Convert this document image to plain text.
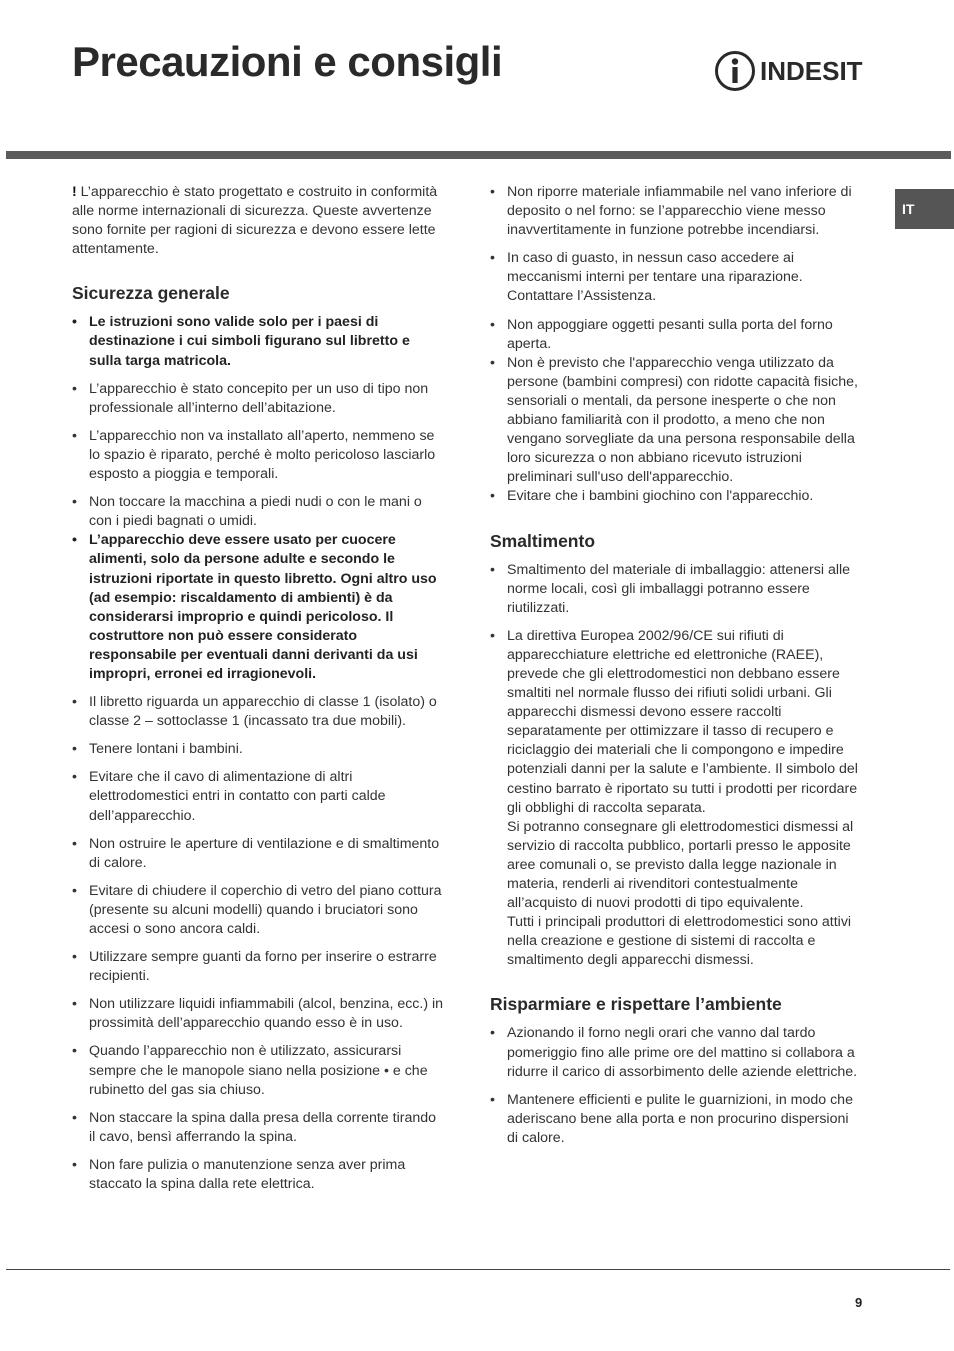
Precauzioni e consigli	INDESIT
IT

! L’apparecchio è stato progettato e costruito in conformità alle norme internazionali di sicurezza. Queste avvertenze sono fornite per ragioni di sicurezza e devono essere lette attentamente.

Sicurezza generale
• Le istruzioni sono valide solo per i paesi di destinazione i cui simboli figurano sul libretto e sulla targa matricola.
• L’apparecchio è stato concepito per un uso di tipo non professionale all’interno dell’abitazione.
• L’apparecchio non va installato all’aperto, nemmeno se lo spazio è riparato, perché è molto pericoloso lasciarlo esposto a pioggia e temporali.
• Non toccare la macchina a piedi nudi o con le mani o con i piedi bagnati o umidi.
• L’apparecchio deve essere usato per cuocere alimenti, solo da persone adulte e secondo le istruzioni riportate in questo libretto. Ogni altro uso (ad esempio: riscaldamento di ambienti) è da considerarsi improprio e quindi pericoloso. Il costruttore non può essere considerato responsabile per eventuali danni derivanti da usi impropri, erronei ed irragionevoli.
• Il libretto riguarda un apparecchio di classe 1 (isolato) o classe 2 – sottoclasse 1 (incassato tra due mobili).
• Tenere lontani i bambini.
• Evitare che il cavo di alimentazione di altri elettrodomestici entri in contatto con parti calde dell’apparecchio.
• Non ostruire le aperture di ventilazione e di smaltimento di calore.
• Evitare di chiudere il coperchio di vetro del piano cottura (presente su alcuni modelli) quando i bruciatori sono accesi o sono ancora caldi.
• Utilizzare sempre guanti da forno per inserire o estrarre recipienti.
• Non utilizzare liquidi infiammabili (alcol, benzina, ecc.) in prossimità dell’apparecchio quando esso è in uso.
• Quando l’apparecchio non è utilizzato, assicurarsi sempre che le manopole siano nella posizione • e che rubinetto del gas sia chiuso.
• Non staccare la spina dalla presa della corrente tirando il cavo, bensì afferrando la spina.
• Non fare pulizia o manutenzione senza aver prima staccato la spina dalla rete elettrica.
• Non riporre materiale infiammabile nel vano inferiore di deposito o nel forno: se l’apparecchio viene messo inavvertitamente in funzione potrebbe incendiarsi.
• In caso di guasto, in nessun caso accedere ai meccanismi interni per tentare una riparazione. Contattare l’Assistenza.
• Non appoggiare oggetti pesanti sulla porta del forno aperta.
• Non è previsto che l'apparecchio venga utilizzato da persone (bambini compresi) con ridotte capacità fisiche, sensoriali o mentali, da persone inesperte o che non abbiano familiarità con il prodotto, a meno che non vengano sorvegliate da una persona responsabile della loro sicurezza o non abbiano ricevuto istruzioni preliminari sull'uso dell'apparecchio.
• Evitare che i bambini giochino con l'apparecchio.
Smaltimento
• Smaltimento del materiale di imballaggio: attenersi alle norme locali, così gli imballaggi potranno essere riutilizzati.
• La direttiva Europea 2002/96/CE sui rifiuti di apparecchiature elettriche ed elettroniche (RAEE), prevede che gli elettrodomestici non debbano essere smaltiti nel normale flusso dei rifiuti solidi urbani. Gli apparecchi dismessi devono essere raccolti separatamente per ottimizzare il tasso di recupero e riciclaggio dei materiali che li compongono e impedire potenziali danni per la salute e l’ambiente. Il simbolo del cestino barrato è riportato su tutti i prodotti per ricordare gli obblighi di raccolta separata.
Si potranno consegnare gli elettrodomestici dismessi al servizio di raccolta pubblico, portarli presso le apposite aree comunali o, se previsto dalla legge nazionale in materia, renderli ai rivenditori contestualmente all’acquisto di nuovi prodotti di tipo equivalente.
Tutti i principali produttori di elettrodomestici sono attivi nella creazione e gestione di sistemi di raccolta e smaltimento degli apparecchi dismessi.
Risparmiare e rispettare l’ambiente
• Azionando il forno negli orari che vanno dal tardo pomeriggio fino alle prime ore del mattino si collabora a ridurre il carico di assorbimento delle aziende elettriche.
• Mantenere efficienti e pulite le guarnizioni, in modo che aderiscano bene alla porta e non procurino dispersioni di calore.
9
